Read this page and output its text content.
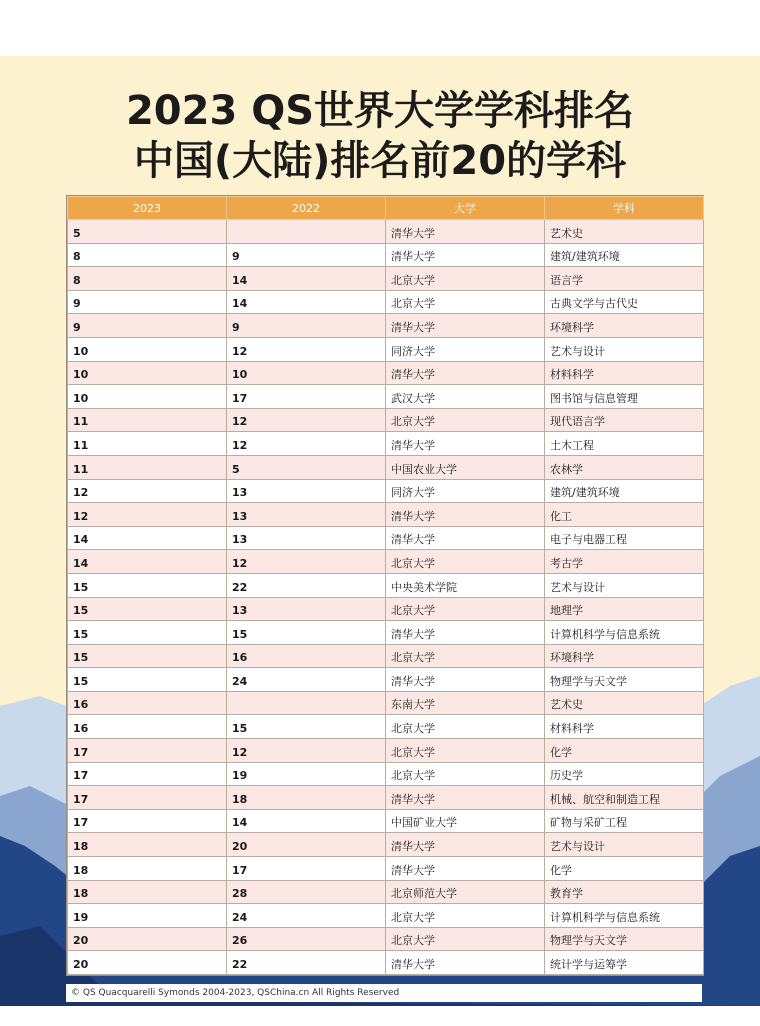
2023 QS世界大学学科排名
中国(大陆)排名前20的学科
2023	2022	大学	学科
5		清华大学	艺术史
8	9	清华大学	建筑/建筑环境
8	14	北京大学	语言学
9	14	北京大学	古典文学与古代史
9	9	清华大学	环境科学
10	12	同济大学	艺术与设计
10	10	清华大学	材料科学
10	17	武汉大学	图书馆与信息管理
11	12	北京大学	现代语言学
11	12	清华大学	土木工程
11	5	中国农业大学	农林学
12	13	同济大学	建筑/建筑环境
12	13	清华大学	化工
14	13	清华大学	电子与电器工程
14	12	北京大学	考古学
15	22	中央美术学院	艺术与设计
15	13	北京大学	地理学
15	15	清华大学	计算机科学与信息系统
15	16	北京大学	环境科学
15	24	清华大学	物理学与天文学
16		东南大学	艺术史
16	15	北京大学	材料科学
17	12	北京大学	化学
17	19	北京大学	历史学
17	18	清华大学	机械、航空和制造工程
17	14	中国矿业大学	矿物与采矿工程
18	20	清华大学	艺术与设计
18	17	清华大学	化学
18	28	北京师范大学	教育学
19	24	北京大学	计算机科学与信息系统
20	26	北京大学	物理学与天文学
20	22	清华大学	统计学与运筹学
© QS Quacquarelli Symonds 2004-2023, QSChina.cn All Rights Reserved
